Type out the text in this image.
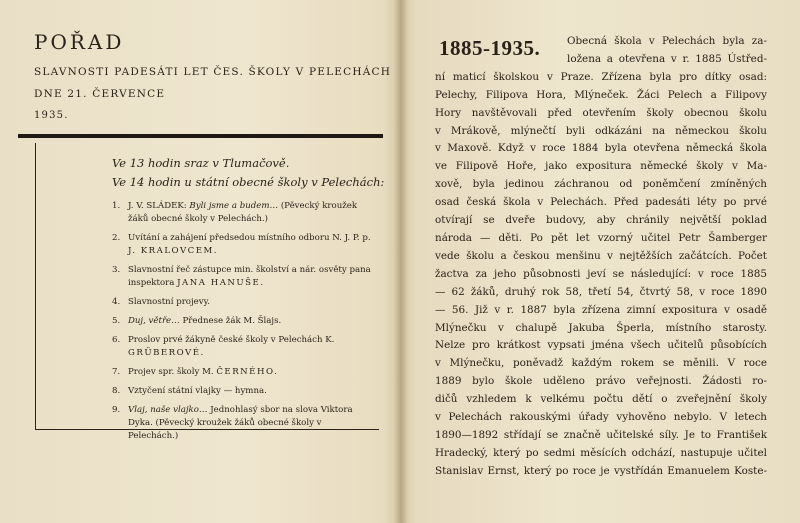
POŘAD
SLAVNOSTI PADESÁTI LET ČES. ŠKOLY V PELECHÁCH
DNE 21. ČERVENCE
1935.
Ve 13 hodin sraz v Tlumačově.
Ve 14 hodin u státní obecné školy v Pelechách:
1. J. V. SLÁDEK: Byli jsme a budem… (Pěvecký kroužek žáků obecné školy v Pelechách.)
2. Uvítání a zahájení předsedou místního odboru N. J. P. p. J. KRALOVCEM.
3. Slavnostní řeč zástupce min. školství a nár. osvěty pana inspektora JANA HANUŠE.
4. Slavnostní projevy.
5. Duj, větře… Přednese žák M. Šlajs.
6. Proslov prvé žákyně české školy v Pelechách K. GRÜBEROVÉ.
7. Projev spr. školy M. ČERNÉHO.
8. Vztyčení státní vlajky — hymna.
9. Vlaj, naše vlajko… Jednohlasý sbor na slova Viktora Dyka. (Pěvecký kroužek žáků obecné školy v Pelechách.)
1885-1935.	Obecná škola v Pelechách byla za-
ložena a otevřena v r. 1885 Ústřed-
ní maticí školskou v Praze. Zřízena byla pro dítky osad:
Pelechy, Filipova Hora, Mlýneček. Žáci Pelech a Filipovy
Hory navštěvovali před otevřením školy obecnou školu
v Mrákově, mlýnečtí byli odkázáni na německou školu
v Maxově. Když v roce 1884 byla otevřena německá škola
ve Filipově Hoře, jako expositura německé školy v Ma-
xově, byla jedinou záchranou od poněmčení zmíněných
osad česká škola v Pelechách. Před padesáti léty po prvé
otvírají se dveře budovy, aby chránily největší poklad
národa — děti. Po pět let vzorný učitel Petr Šamberger
vede školu a českou menšinu v nejtěžších začátcích. Počet
žactva za jeho působnosti jeví se následující: v roce 1885
— 62 žáků, druhý rok 58, třetí 54, čtvrtý 58, v roce 1890
— 56. Již v r. 1887 byla zřízena zimní expositura v osadě
Mlýnečku v chalupě Jakuba Šperla, místního starosty.
Nelze pro krátkost vypsati jména všech učitelů působících
v Mlýnečku, poněvadž každým rokem se měnili. V roce
1889 bylo škole uděleno právo veřejnosti. Žádosti ro-
dičů vzhledem k velkému počtu dětí o zveřejnění školy
v Pelechách rakouskými úřady vyhověno nebylo. V letech
1890—1892 střídají se značně učitelské síly. Je to František
Hradecký, který po sedmi měsících odchází, nastupuje učitel
Stanislav Ernst, který po roce je vystřídán Emanuelem Koste-
